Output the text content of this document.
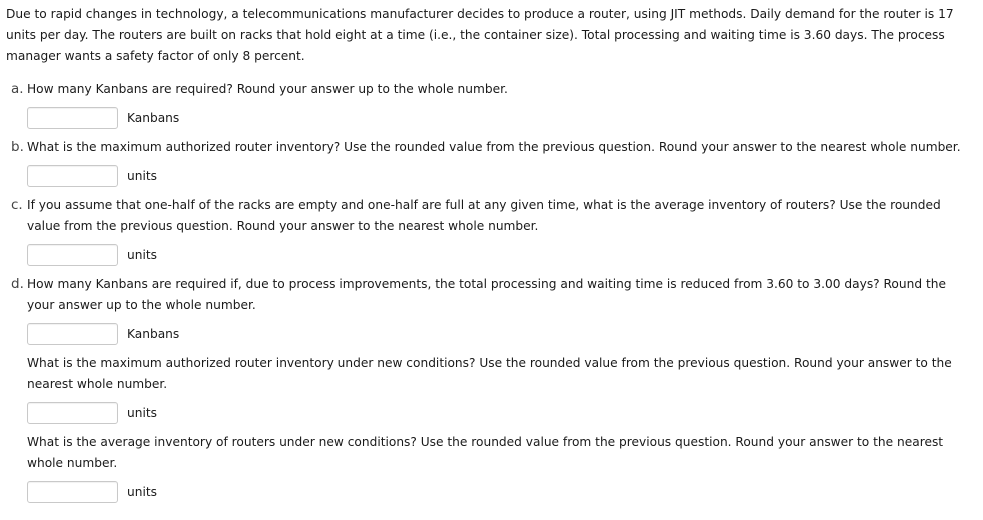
Due to rapid changes in technology, a telecommunications manufacturer decides to produce a router, using JIT methods. Daily demand for the router is 17 units per day. The routers are built on racks that hold eight at a time (i.e., the container size). Total processing and waiting time is 3.60 days. The process manager wants a safety factor of only 8 percent.
a. How many Kanbans are required? Round your answer up to the whole number.
Kanbans
b. What is the maximum authorized router inventory? Use the rounded value from the previous question. Round your answer to the nearest whole number.
units
c. If you assume that one-half of the racks are empty and one-half are full at any given time, what is the average inventory of routers? Use the rounded value from the previous question. Round your answer to the nearest whole number.
units
d. How many Kanbans are required if, due to process improvements, the total processing and waiting time is reduced from 3.60 to 3.00 days? Round the your answer up to the whole number.
Kanbans
What is the maximum authorized router inventory under new conditions? Use the rounded value from the previous question. Round your answer to the nearest whole number.
units
What is the average inventory of routers under new conditions? Use the rounded value from the previous question. Round your answer to the nearest whole number.
units
